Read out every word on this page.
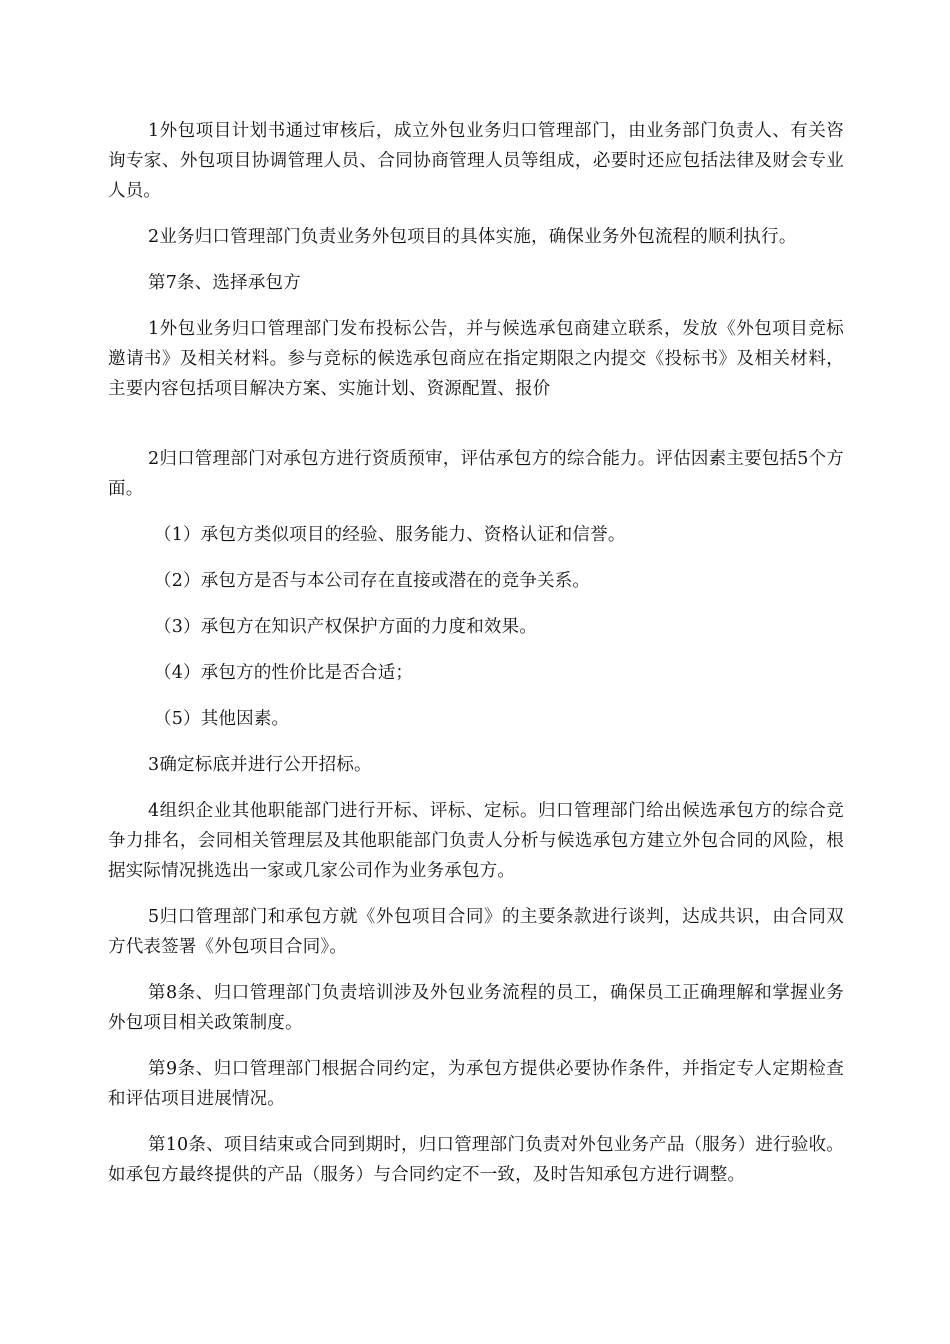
1外包项目计划书通过审核后，成立外包业务归口管理部门，由业务部门负责人、有关咨询专家、外包项目协调管理人员、合同协商管理人员等组成，必要时还应包括法律及财会专业人员。

2业务归口管理部门负责业务外包项目的具体实施，确保业务外包流程的顺利执行。

第7条、选择承包方

1外包业务归口管理部门发布投标公告，并与候选承包商建立联系，发放《外包项目竞标邀请书》及相关材料。参与竞标的候选承包商应在指定期限之内提交《投标书》及相关材料，主要内容包括项目解决方案、实施计划、资源配置、报价

2归口管理部门对承包方进行资质预审，评估承包方的综合能力。评估因素主要包括5个方面。

（1）承包方类似项目的经验、服务能力、资格认证和信誉。

（2）承包方是否与本公司存在直接或潜在的竞争关系。

（3）承包方在知识产权保护方面的力度和效果。

（4）承包方的性价比是否合适；

（5）其他因素。

3确定标底并进行公开招标。

4组织企业其他职能部门进行开标、评标、定标。归口管理部门给出候选承包方的综合竞争力排名，会同相关管理层及其他职能部门负责人分析与候选承包方建立外包合同的风险，根据实际情况挑选出一家或几家公司作为业务承包方。

5归口管理部门和承包方就《外包项目合同》的主要条款进行谈判，达成共识，由合同双方代表签署《外包项目合同》。

第8条、归口管理部门负责培训涉及外包业务流程的员工，确保员工正确理解和掌握业务外包项目相关政策制度。

第9条、归口管理部门根据合同约定，为承包方提供必要协作条件，并指定专人定期检查和评估项目进展情况。

第10条、项目结束或合同到期时，归口管理部门负责对外包业务产品（服务）进行验收。如承包方最终提供的产品（服务）与合同约定不一致，及时告知承包方进行调整。
